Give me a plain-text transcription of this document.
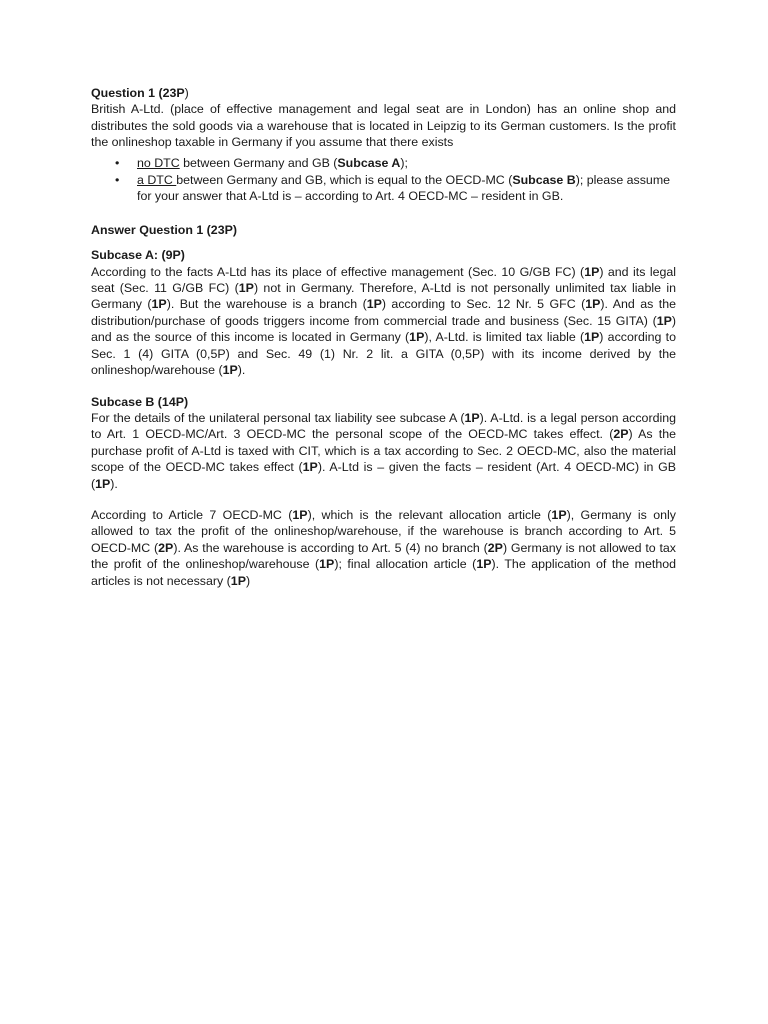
Question 1 (23P)

British A-Ltd. (place of effective management and legal seat are in London) has an online shop and distributes the sold goods via a warehouse that is located in Leipzig to its German customers. Is the profit the onlineshop taxable in Germany if you assume that there exists

• no DTC between Germany and GB (Subcase A);
• a DTC between Germany and GB, which is equal to the OECD-MC (Subcase B); please assume for your answer that A-Ltd is – according to Art. 4 OECD-MC – resident in GB.

Answer Question 1 (23P)

Subcase A: (9P)

According to the facts A-Ltd has its place of effective management (Sec. 10 G/GB FC) (1P) and its legal seat (Sec. 11 G/GB FC) (1P) not in Germany. Therefore, A-Ltd is not personally unlimited tax liable in Germany (1P). But the warehouse is a branch (1P) according to Sec. 12 Nr. 5 GFC (1P). And as the distribution/purchase of goods triggers income from commercial trade and business (Sec. 15 GITA) (1P) and as the source of this income is located in Germany (1P), A-Ltd. is limited tax liable (1P) according to Sec. 1 (4) GITA (0,5P) and Sec. 49 (1) Nr. 2 lit. a GITA (0,5P) with its income derived by the onlineshop/warehouse (1P).

Subcase B (14P)

For the details of the unilateral personal tax liability see subcase A (1P). A-Ltd. is a legal person according to Art. 1 OECD-MC/Art. 3 OECD-MC the personal scope of the OECD-MC takes effect. (2P) As the purchase profit of A-Ltd is taxed with CIT, which is a tax according to Sec. 2 OECD-MC, also the material scope of the OECD-MC takes effect (1P). A-Ltd is – given the facts – resident (Art. 4 OECD-MC) in GB (1P).

According to Article 7 OECD-MC (1P), which is the relevant allocation article (1P), Germany is only allowed to tax the profit of the onlineshop/warehouse, if the warehouse is branch according to Art. 5 OECD-MC (2P). As the warehouse is according to Art. 5 (4) no branch (2P) Germany is not allowed to tax the profit of the onlineshop/warehouse (1P); final allocation article (1P). The application of the method articles is not necessary (1P)
